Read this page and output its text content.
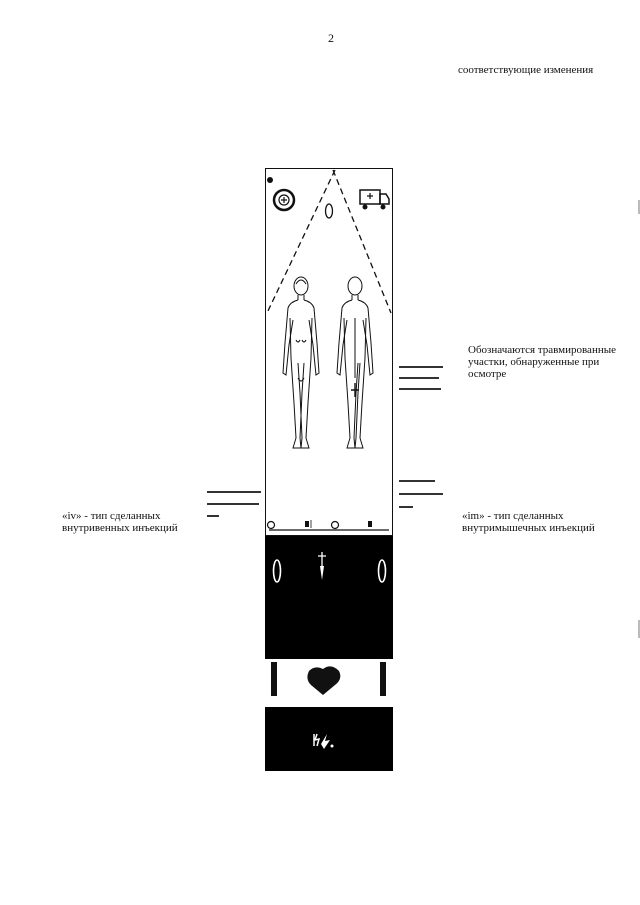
2
соответствующие изменения
Обозначаются травмированные
участки, обнаруженные при
осмотре
«iv» - тип сделанных
внутривенных инъекций
«im» - тип сделанных
внутримышечных инъекций
